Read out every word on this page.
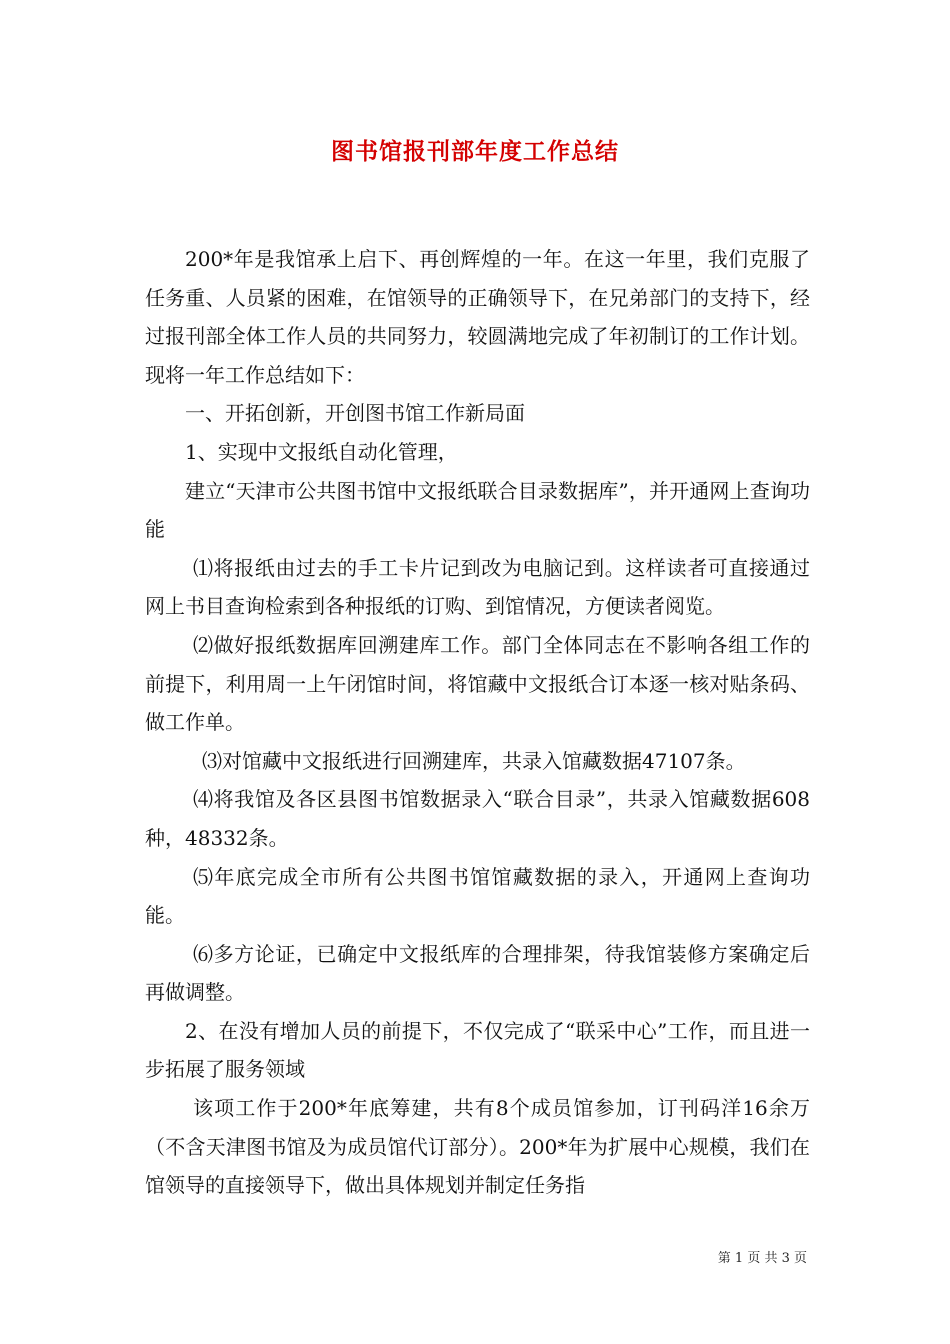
图书馆报刊部年度工作总结

200*年是我馆承上启下、再创辉煌的一年。在这一年里，我们克服了任务重、人员紧的困难，在馆领导的正确领导下，在兄弟部门的支持下，经过报刊部全体工作人员的共同努力，较圆满地完成了年初制订的工作计划。现将一年工作总结如下：

一、开拓创新，开创图书馆工作新局面

1、实现中文报纸自动化管理，

建立“天津市公共图书馆中文报纸联合目录数据库”，并开通网上查询功能

⑴将报纸由过去的手工卡片记到改为电脑记到。这样读者可直接通过网上书目查询检索到各种报纸的订购、到馆情况，方便读者阅览。

⑵做好报纸数据库回溯建库工作。部门全体同志在不影响各组工作的前提下，利用周一上午闭馆时间，将馆藏中文报纸合订本逐一核对贴条码、做工作单。

⑶对馆藏中文报纸进行回溯建库，共录入馆藏数据47107条。

⑷将我馆及各区县图书馆数据录入“联合目录”，共录入馆藏数据608种，48332条。

⑸年底完成全市所有公共图书馆馆藏数据的录入，开通网上查询功能。

⑹多方论证，已确定中文报纸库的合理排架，待我馆装修方案确定后再做调整。

2、在没有增加人员的前提下，不仅完成了“联采中心”工作，而且进一步拓展了服务领域

该项工作于200*年底筹建，共有8个成员馆参加，订刊码洋16余万（不含天津图书馆及为成员馆代订部分）。200*年为扩展中心规模，我们在馆领导的直接领导下，做出具体规划并制定任务指

第 1 页 共 3 页
